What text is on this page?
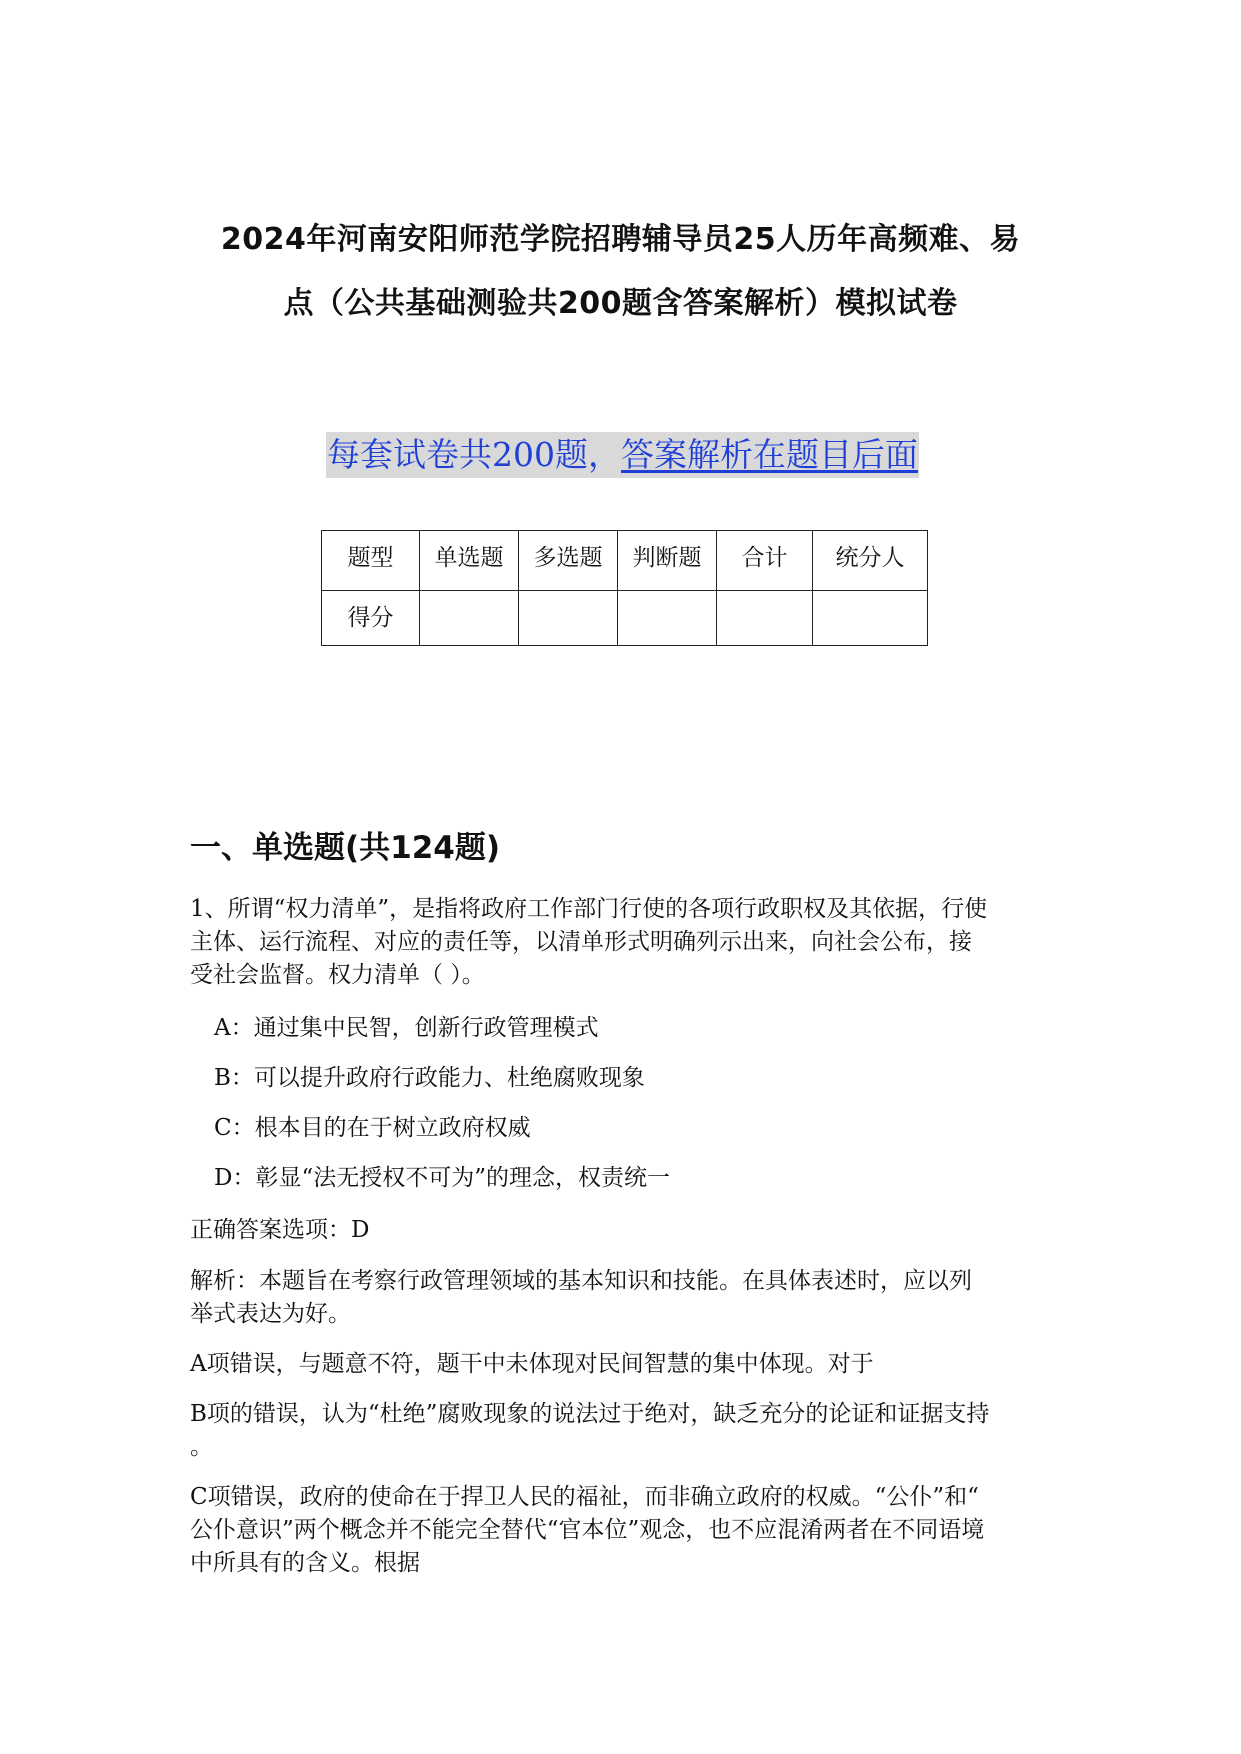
2024年河南安阳师范学院招聘辅导员25人历年高频难、易
点（公共基础测验共200题含答案解析）模拟试卷
每套试卷共200题，答案解析在题目后面
题型	单选题	多选题	判断题	合计	统分人
得分					
一、单选题(共124题)
1、所谓“权力清单”，是指将政府工作部门行使的各项行政职权及其依据，行使
主体、运行流程、对应的责任等，以清单形式明确列示出来，向社会公布，接
受社会监督。权力清单（ ）。
A：通过集中民智，创新行政管理模式
B：可以提升政府行政能力、杜绝腐败现象
C：根本目的在于树立政府权威
D：彰显“法无授权不可为”的理念，权责统一
正确答案选项：D
解析：本题旨在考察行政管理领域的基本知识和技能。在具体表述时，应以列
举式表达为好。
A项错误，与题意不符，题干中未体现对民间智慧的集中体现。对于
B项的错误，认为“杜绝”腐败现象的说法过于绝对，缺乏充分的论证和证据支持
。
C项错误，政府的使命在于捍卫人民的福祉，而非确立政府的权威。“公仆”和“
公仆意识”两个概念并不能完全替代“官本位”观念，也不应混淆两者在不同语境
中所具有的含义。根据
